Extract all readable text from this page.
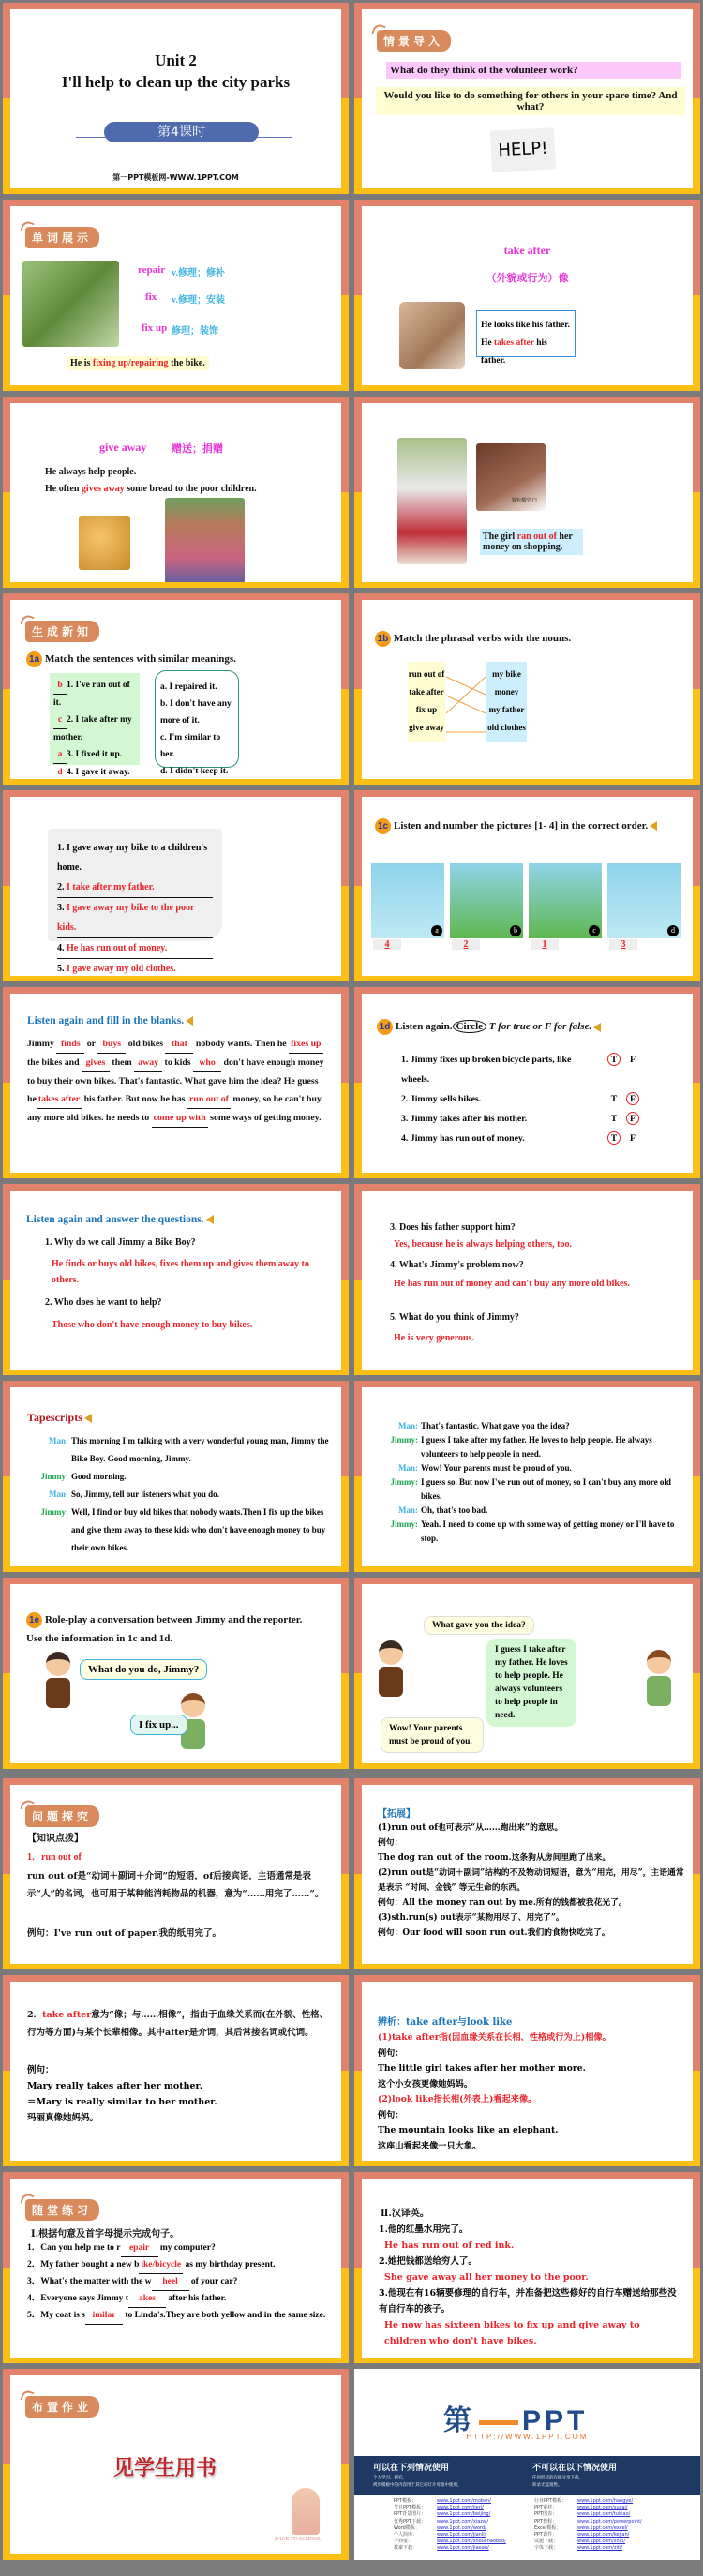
Unit 2
I'll help to clean up the city parks
第4课时
第一PPT模板网-WWW.1PPT.COM
情景导入
What do they think of the volunteer work?
Would you like to do something for others in your spare time? And what?
HELP!
单词展示
repair v.修理；修补
fix v.修理；安装
fix up 修理；装饰
He is fixing up/repairing the bike.
take after
（外貌或行为）像
He looks like his father.
He takes after his father.
give away 赠送；捐赠
He always help people.
He often gives away some bread to the poor children.
钱包都空了!
The girl ran out of her money on shopping.
生成新知
1a Match the sentences with similar meanings.
b 1. I've run out of it.
c 2. I take after my mother.
a 3. I fixed it up.
d 4. I gave it away.
a. I repaired it.
b. I don't have any more of it.
c. I'm similar to her.
d. I didn't keep it.
1b Match the phrasal verbs with the nouns.
run out of
take after
fix up
give away
my bike
money
my father
old clothes
1. I gave away my bike to a children's home.
2. I take after my father.
3. I gave away my bike to the poor kids.
4. He has run out of money.
5. I gave away my old clothes.
1c Listen and number the pictures [1- 4] in the correct order.
a	b	c	d
4	2	1	3
Listen again and fill in the blanks.
Jimmy finds or buys old bikes that nobody wants. Then he fixes up the bikes and gives them away to kids who don't have enough money to buy their own bikes. That's fantastic. What gave him the idea? He guess he takes after his father. But now he has run out of money, so he can't buy any more old bikes. he needs to come up with some ways of getting money.
1d Listen again. Circle T for true or F for false.
1. Jimmy fixes up broken bicycle parts, like wheels.
T F
2. Jimmy sells bikes.	T F
3. Jimmy takes after his mother.	T F
4. Jimmy has run out of money.	T F
Listen again and answer the questions.
1. Why do we call Jimmy a Bike Boy?
He finds or buys old bikes, fixes them up and gives them away to others.
2. Who does he want to help?
Those who don't have enough money to buy bikes.
3. Does his father support him?
Yes, because he is always helping others, too.
4. What's Jimmy's problem now?
He has run out of money and can't buy any more old bikes.
5. What do you think of Jimmy?
He is very generous.
Tapescripts
Man: This morning I'm talking with a very wonderful young man, Jimmy the Bike Boy. Good morning, Jimmy.
Jimmy: Good morning.
Man: So, Jimmy, tell our listeners what you do.
Jimmy: Well, I find or buy old bikes that nobody wants.Then I fix up the bikes and give them away to these kids who don't have enough money to buy their own bikes.
Man: That's fantastic. What gave you the idea?
Jimmy: I guess I take after my father. He loves to help people. He always volunteers to help people in need.
Man: Wow! Your parents must be proud of you.
Jimmy: I guess so. But now I've run out of money, so I can't buy any more old bikes.
Man: Oh, that's too bad.
Jimmy: Yeah. I need to come up with some way of getting money or I'll have to stop.
1e Role-play a conversation between Jimmy and the reporter. Use the information in 1c and 1d.
What do you do, Jimmy?
I fix up...
What gave you the idea?
I guess I take after my father. He loves to help people. He always volunteers to help people in need.
Wow! Your parents must be proud of you.
问题探究
【知识点拨】
1．run out of
run out of是“动词＋副词＋介词”的短语，of后接宾语，主语通常是表示“人”的名词，也可用于某种能消耗物品的机器，意为“……用完了……”。
例句：I've run out of paper.我的纸用完了。
【拓展】
(1)run out of也可表示“从……跑出来”的意思。
例句：
The dog ran out of the room.这条狗从房间里跑了出来。
(2)run out是“动词＋副词”结构的不及物动词短语，意为“用完，用尽”，主语通常是表示 “时间、金钱” 等无生命的东西。
例句：All the money ran out by me.所有的钱都被我花光了。
(3)sth.run(s) out表示“某物用尽了、用完了”。
例句：Our food will soon run out.我们的食物快吃完了。
2．take after意为“像；与……相像”，指由于血缘关系而(在外貌、性格、行为等方面)与某个长辈相像。其中after是介词，其后常接名词或代词。
例句：
Mary really takes after her mother.
＝Mary is really similar to her mother.
玛丽真像她妈妈。
辨析：take after与look like
(1)take after指(因血缘关系在长相、性格或行为上)相像。
例句：
The little girl takes after her mother more.
这个小女孩更像她妈妈。
(2)look like指长相(外表上)看起来像。
例句：
The mountain looks like an elephant.
这座山看起来像一只大象。
随堂练习
Ⅰ.根据句意及首字母提示完成句子。
1．Can you help me to r epair my computer?
2．My father bought a new b ike/bicycle as my birthday present.
3．What's the matter with the w heel of your car?
4．Everyone says Jimmy t akes after his father.
5．My coat is s imilar to Linda's.They are both yellow and in the same size.
Ⅱ.汉译英。
1.他的红墨水用完了。
He has run out of red ink.
2.她把钱都送给穷人了。
She gave away all her money to the poor.
3.他现在有16辆要修理的自行车，并准备把这些修好的自行车赠送给那些没有自行车的孩子。
He now has sixteen bikes to fix up and give away to children who don't have bikes.
布置作业
见学生用书
BACK TO SCHOOL
第 PPT
HTTP://WWW.1PPT.COM
可以在下列情况使用
个人学习、研究。
拷贝模板中的内容用于其它幻灯片母版中使用。
不可以在以下情况使用
任何形式的在线分享下载。
转录光盘销售。
PPT模板：	www.1ppt.com/moban/
节日PPT模板： www.1ppt.com/jieri/
PPT背景图片： www.1ppt.com/beijing/
优秀PPT下载： www.1ppt.com/xiazai/
Word模板：	www.1ppt.com/word/
个人简历：	www.1ppt.com/jianli/
手抄报：	www.1ppt.com/shouchaobao/
教案下载：	www.1ppt.com/jiaoan/
行业PPT模板： www.1ppt.com/hangye/
PPT素材：	www.1ppt.com/sucai/
PPT图表：	www.1ppt.com/tubiao/
PPT教程：	www.1ppt.com/powerpoint/
Excel模板：	www.1ppt.com/excel/
PPT课件：	www.1ppt.com/kejian/
试题下载：	www.1ppt.com/shiti/
字体下载：	www.1ppt.com/ziti/
